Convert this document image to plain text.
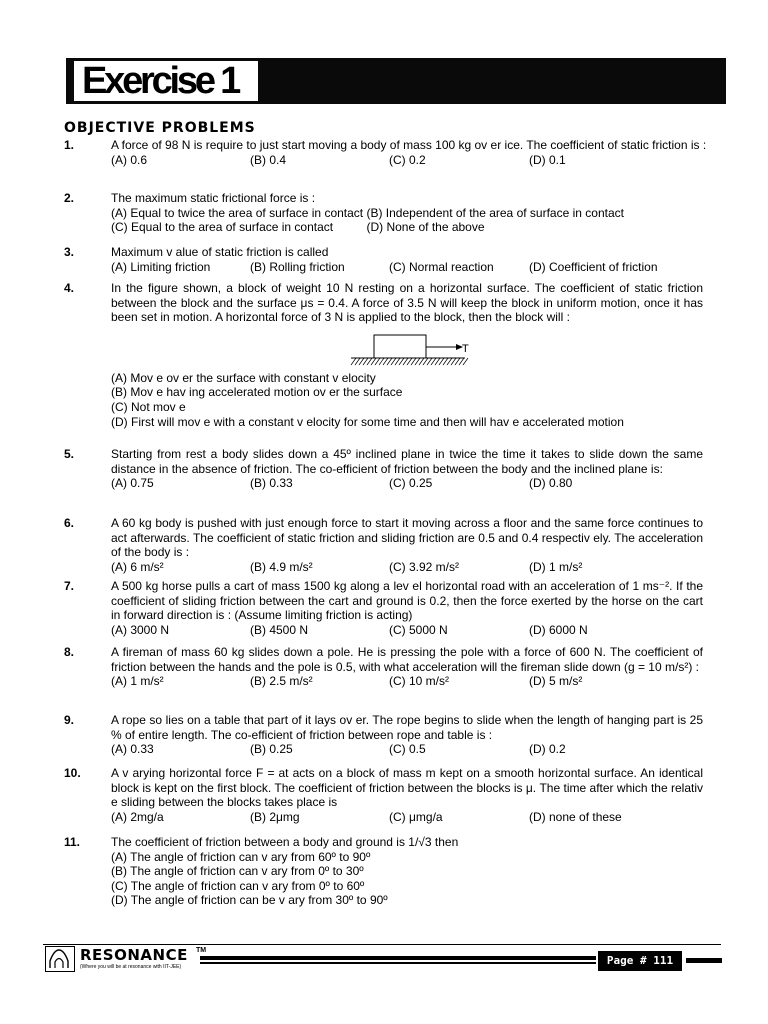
Exercise 1
OBJECTIVE PROBLEMS
1.	A force of 98 N is require to just start moving a body of mass 100 kg ov er ice. The coefficient of static friction is :

(A) 0.6	(B) 0.4	(C) 0.2	(D) 0.1
2.	The maximum static frictional force is :

(A) Equal to twice the area of surface in contact (B) Independent of the area of surface in contact
(C) Equal to the area of surface in contact          (D) None of the above
3.	Maximum v alue of static friction is called

(A) Limiting friction	(B) Rolling friction	(C) Normal reaction	(D) Coefficient of friction
4.	In the figure shown, a block of weight 10 N resting on a horizontal surface. The coefficient of static friction between the block and the surface μs = 0.4. A force of 3.5 N will keep the block in uniform motion, once it has been set in motion. A horizontal force of 3 N is applied to the block, then the block will :

T
(A) Mov e ov er the surface with constant v elocity
(B) Mov e hav ing accelerated motion ov er the surface
(C) Not mov e
(D) First will mov e with a constant v elocity for some time and then will hav e accelerated motion
5.	Starting from rest a body slides down a 45º inclined plane in twice the time it takes to slide down the same distance in the absence of friction. The co-efficient of friction between the body and the inclined plane is:

(A) 0.75	(B) 0.33	(C) 0.25	(D) 0.80
6.	A 60 kg body is pushed with just enough force to start it moving across a floor and the same force continues to act afterwards. The coefficient of static friction and sliding friction are 0.5 and 0.4 respectiv ely. The acceleration of the body is :

(A) 6 m/s²	(B) 4.9 m/s²	(C) 3.92 m/s²	(D) 1 m/s²
7.	A 500 kg horse pulls a cart of mass 1500 kg along a lev el horizontal road with an acceleration of 1 ms⁻². If the coefficient of sliding friction between the cart and ground is 0.2, then the force exerted by the horse on the cart in forward direction is : (Assume limiting friction is acting)

(A) 3000 N	(B) 4500 N	(C) 5000 N	(D) 6000 N
8.	A fireman of mass 60 kg slides down a pole. He is pressing the pole with a force of 600 N. The coefficient of friction between the hands and the pole is 0.5, with what acceleration will the fireman slide down (g = 10 m/s²) :

(A) 1 m/s²	(B) 2.5 m/s²	(C) 10 m/s²	(D) 5 m/s²
9.	A rope so lies on a table that part of it lays ov er. The rope begins to slide when the length of hanging part is 25 % of entire length. The co-efficient of friction between rope and table is :

(A) 0.33	(B) 0.25	(C) 0.5	(D) 0.2
10.	A v arying horizontal force F = at acts on a block of mass m kept on a smooth horizontal surface. An identical block is kept on the first block. The coefficient of friction between the blocks is μ. The time after which the relativ e sliding between the blocks takes place is

(A) 2mg/a	(B) 2μmg	(C) μmg/a	(D) none of these
11.	The coefficient of friction between a body and ground is 1/√3 then

(A) The angle of friction can v ary from 60º to 90º
(B) The angle of friction can v ary from 0º to 30º
(C) The angle of friction can v ary from 0º to 60º
(D) The angle of friction can be v ary from 30º to 90º
RESONANCE TM
(Where you will be at resonance with IIT-JEE)	Page # 111
